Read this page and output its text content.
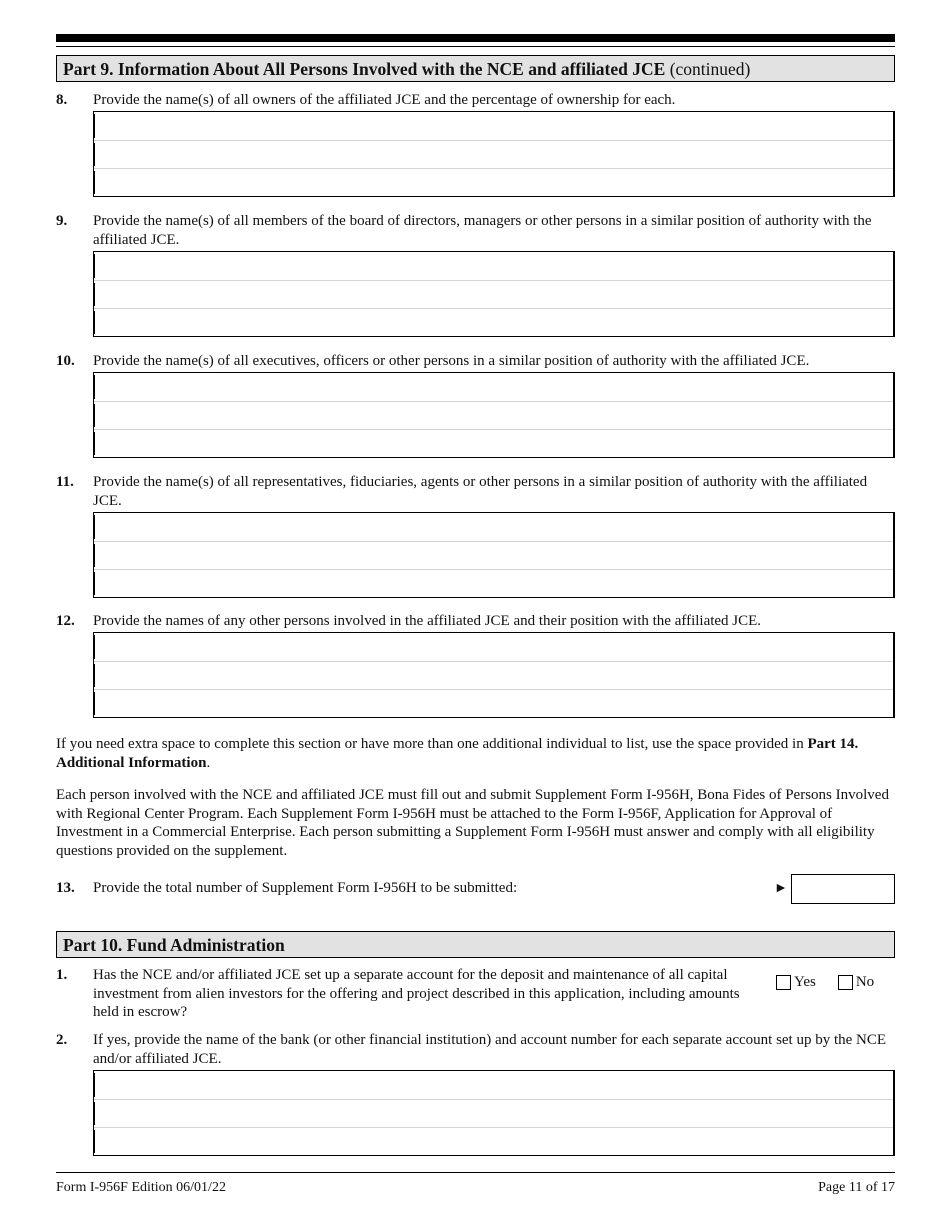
Part 9. Information About All Persons Involved with the NCE and affiliated JCE (continued)
8.	Provide the name(s) of all owners of the affiliated JCE and the percentage of ownership for each.
9.	Provide the name(s) of all members of the board of directors, managers or other persons in a similar position of authority with the affiliated JCE.
10.	Provide the name(s) of all executives, officers or other persons in a similar position of authority with the affiliated JCE.
11.	Provide the name(s) of all representatives, fiduciaries, agents or other persons in a similar position of authority with the affiliated JCE.
12.	Provide the names of any other persons involved in the affiliated JCE and their position with the affiliated JCE.
If you need extra space to complete this section or have more than one additional individual to list, use the space provided in Part 14. Additional Information.
Each person involved with the NCE and affiliated JCE must fill out and submit Supplement Form I-956H, Bona Fides of Persons Involved with Regional Center Program. Each Supplement Form I-956H must be attached to the Form I-956F, Application for Approval of Investment in a Commercial Enterprise. Each person submitting a Supplement Form I-956H must answer and comply with all eligibility questions provided on the supplement.
13.	Provide the total number of Supplement Form I-956H to be submitted:	►
Part 10. Fund Administration
1.	Has the NCE and/or affiliated JCE set up a separate account for the deposit and maintenance of all capital investment from alien investors for the offering and project described in this application, including amounts held in escrow?
Yes	No
2.	If yes, provide the name of the bank (or other financial institution) and account number for each separate account set up by the NCE and/or affiliated JCE.
Form I-956F Edition 06/01/22	Page 11 of 17
